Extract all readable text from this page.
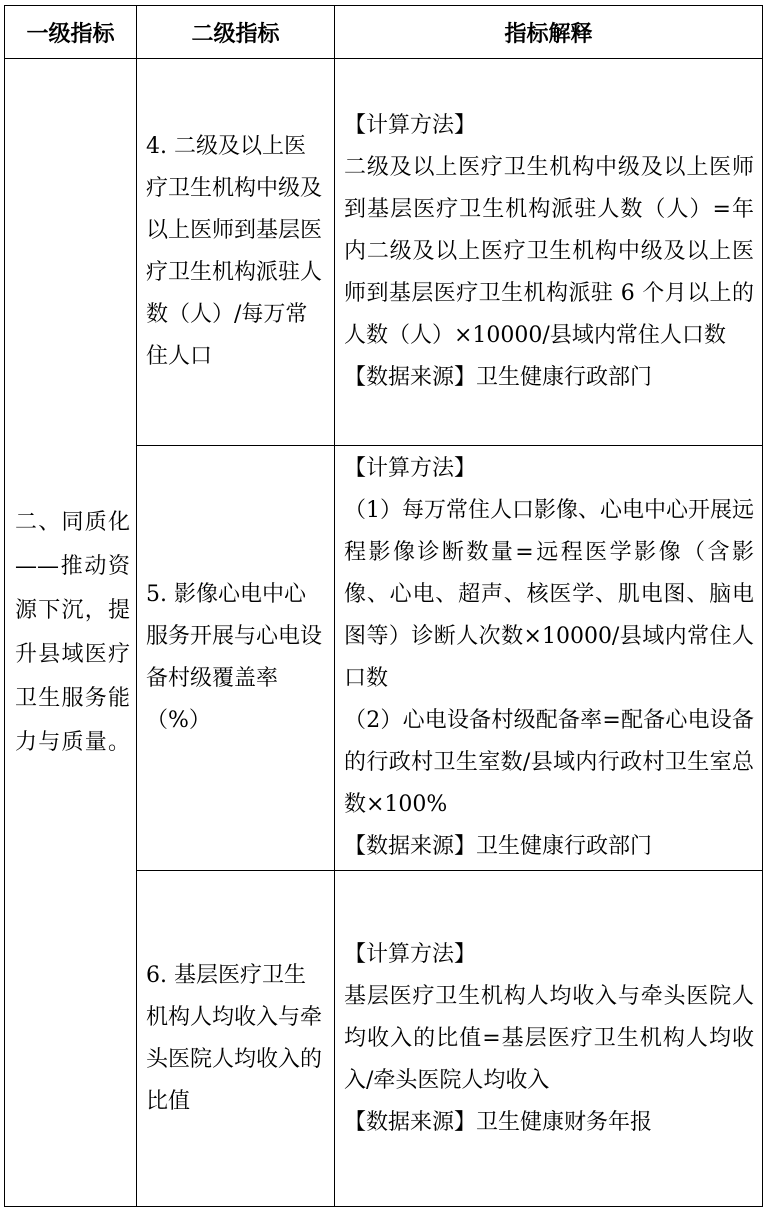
一级指标	二级指标	指标解释

二、同质化——推动资源下沉，提升县域医疗卫生服务能力与质量。	4. 二级及以上医疗卫生机构中级及以上医师到基层医疗卫生机构派驻人数（人）/每万常住人口	【计算方法】
二级及以上医疗卫生机构中级及以上医师到基层医疗卫生机构派驻人数（人）=年内二级及以上医疗卫生机构中级及以上医师到基层医疗卫生机构派驻 6 个月以上的人数（人）×10000/县域内常住人口数
【数据来源】卫生健康行政部门

	5. 影像心电中心服务开展与心电设备村级覆盖率（%）	【计算方法】
（1）每万常住人口影像、心电中心开展远程影像诊断数量=远程医学影像（含影像、心电、超声、核医学、肌电图、脑电图等）诊断人次数×10000/县域内常住人口数
（2）心电设备村级配备率=配备心电设备的行政村卫生室数/县域内行政村卫生室总数×100%
【数据来源】卫生健康行政部门

	6. 基层医疗卫生机构人均收入与牵头医院人均收入的比值	【计算方法】
基层医疗卫生机构人均收入与牵头医院人均收入的比值=基层医疗卫生机构人均收入/牵头医院人均收入
【数据来源】卫生健康财务年报
